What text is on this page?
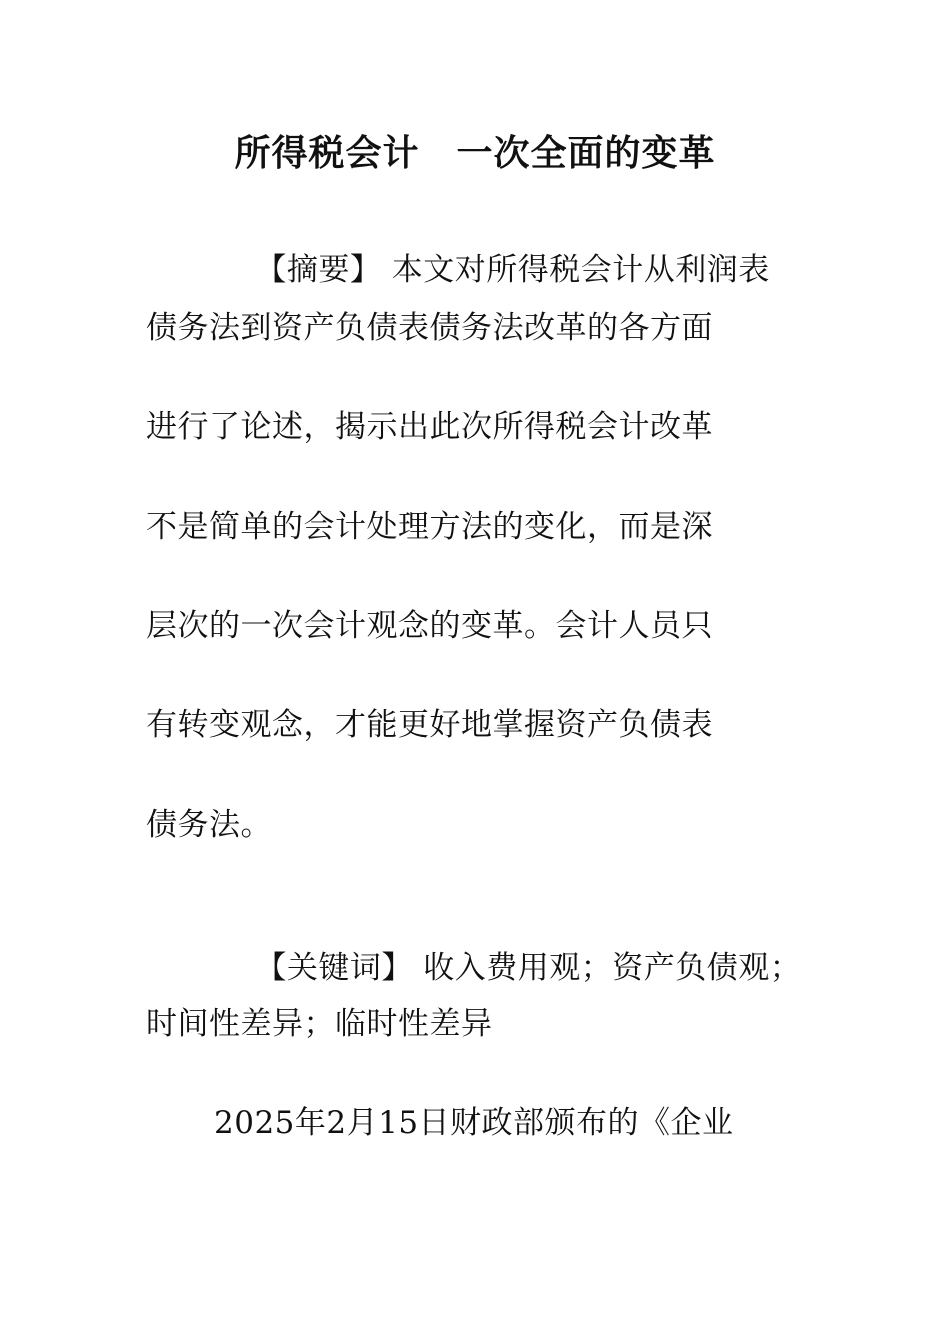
所得税会计　一次全面的变革

【摘要】 本文对所得税会计从利润表

债务法到资产负债表债务法改革的各方面
进行了论述，揭示出此次所得税会计改革
不是简单的会计处理方法的变化，而是深
层次的一次会计观念的变革。会计人员只
有转变观念，才能更好地掌握资产负债表
债务法。

【关键词】 收入费用观；资产负债观；

时间性差异；临时性差异
2025年2月15日财政部颁布的《企业
